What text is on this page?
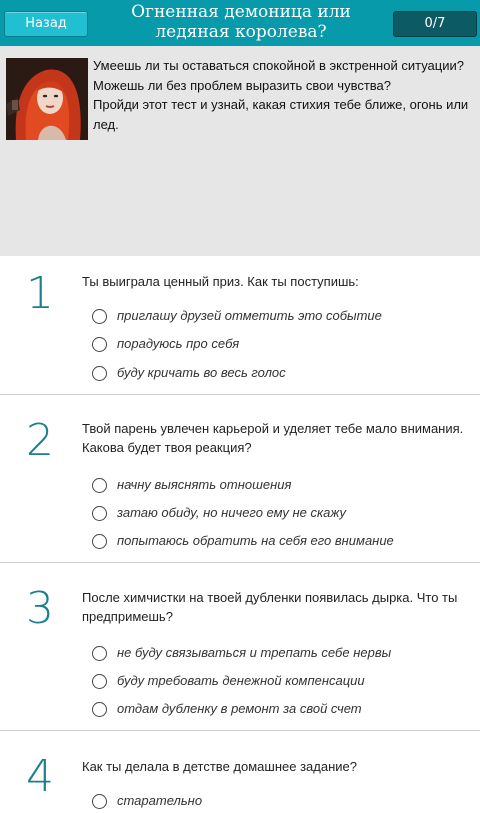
Назад
Огненная демоница или ледяная королева?	0/7

Умеешь ли ты оставаться спокойной в экстренной ситуации?

Можешь ли без проблем выразить свои чувства?

Пройди этот тест и узнай, какая стихия тебе ближе, огонь или лед.

1	Ты выиграла ценный приз. Как ты поступишь:
приглашу друзей отметить это событие
порадуюсь про себя
буду кричать во весь голос
2	Твой парень увлечен карьерой и уделяет тебе мало внимания. Какова будет твоя реакция?
начну выяснять отношения
затаю обиду, но ничего ему не скажу
попытаюсь обратить на себя его внимание
3	После химчистки на твоей дубленки появилась дырка. Что ты предпримешь?
не буду связываться и трепать себе нервы
буду требовать денежной компенсации
отдам дубленку в ремонт за свой счет
4	Как ты делала в детстве домашнее задание?
старательно
